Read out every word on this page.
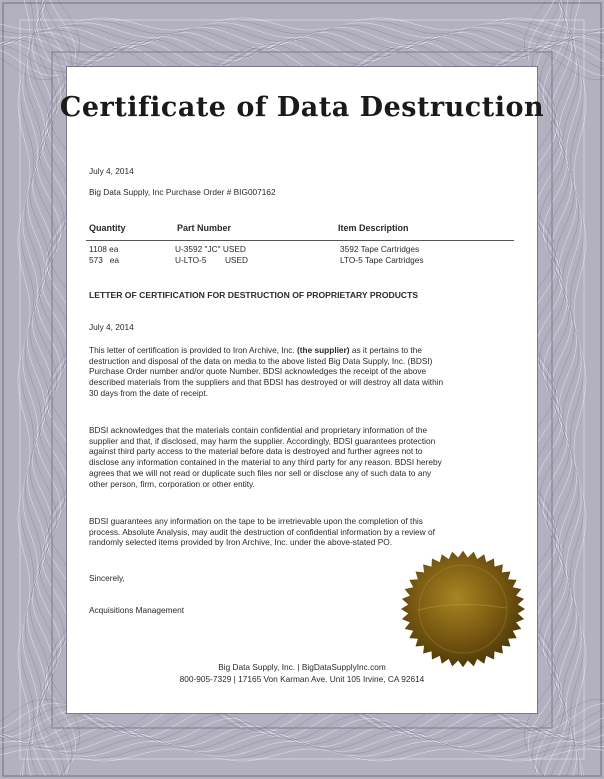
Certificate of Data Destruction
July 4, 2014
Big Data Supply, Inc Purchase Order # BIG007162
Quantity	Part Number	Item Description
1108 ea	U-3592 "JC" USED	3592 Tape Cartridges
573   ea	U-LTO-5        USED	LTO-5 Tape Cartridges
LETTER OF CERTIFICATION FOR DESTRUCTION OF PROPRIETARY PRODUCTS
July 4, 2014
This letter of certification is provided to Iron Archive, Inc. (the supplier) as it pertains to the
destruction and disposal of the data on media to the above listed Big Data Supply, Inc. (BDSI)
Purchase Order number and/or quote Number. BDSI acknowledges the receipt of the above
described materials from the suppliers and that BDSI has destroyed or will destroy all data within
30 days from the date of receipt.
BDSI acknowledges that the materials contain confidential and proprietary information of the
supplier and that, if disclosed, may harm the supplier. Accordingly, BDSI guarantees protection
against third party access to the material before data is destroyed and further agrees not to
disclose any information contained in the material to any third party for any reason. BDSI hereby
agrees that we will not read or duplicate such files nor sell or disclose any of such data to any
other person, firm, corporation or other entity.
BDSI guarantees any information on the tape to be irretrievable upon the completion of this
process. Absolute Analysis, may audit the destruction of confidential information by a review of
randomly selected items provided by Iron Archive, Inc. under the above-stated PO.
Sincerely,
Acquisitions Management
Big Data Supply, Inc. | BigDataSupplyInc.com
800-905-7329 | 17165 Von Karman Ave. Unit 105 Irvine, CA 92614
